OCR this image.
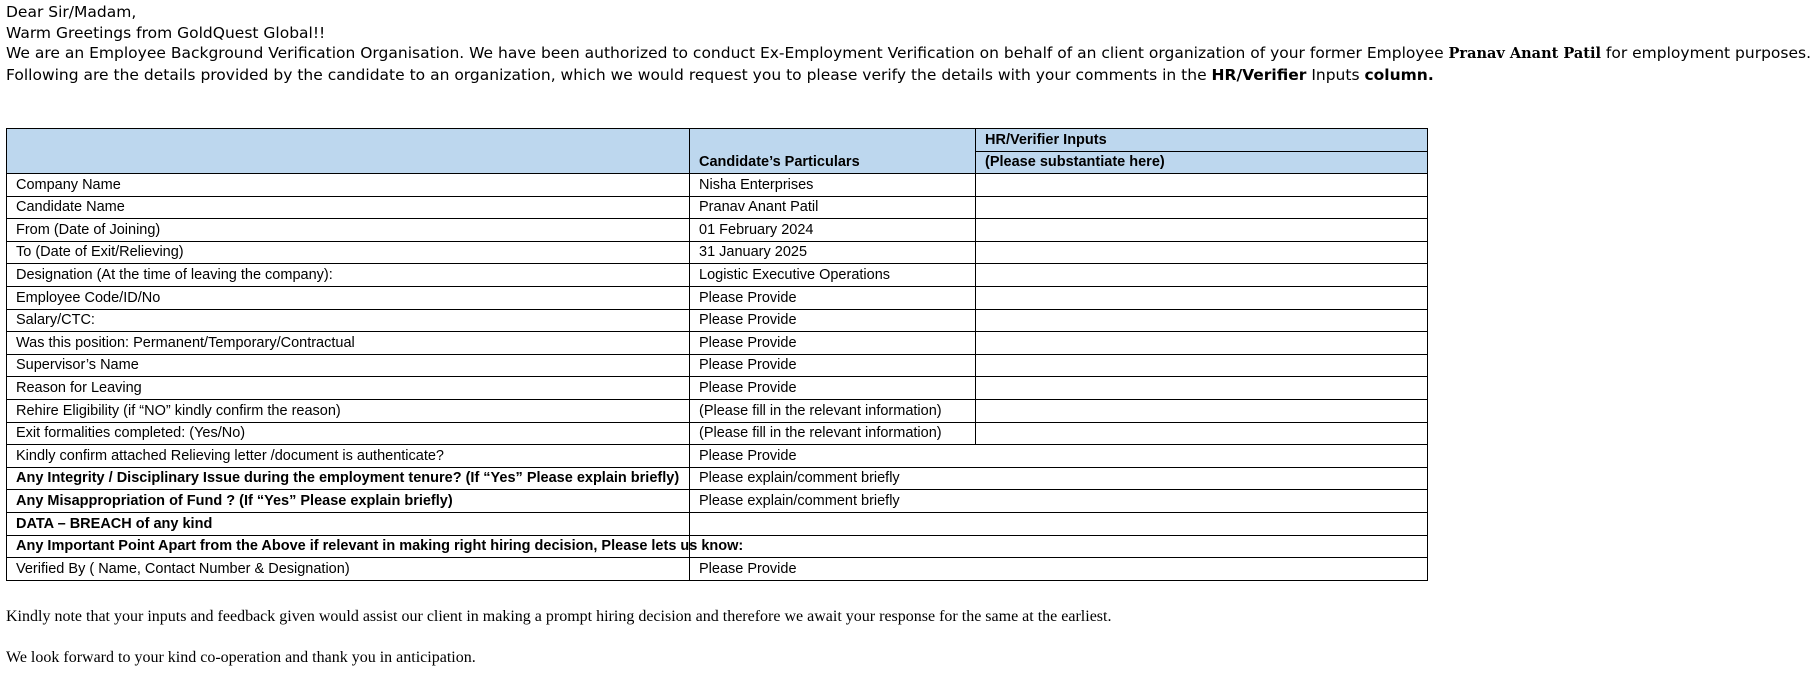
Dear Sir/Madam,

Warm Greetings from GoldQuest Global!!

We are an Employee Background Verification Organisation. We have been authorized to conduct Ex-Employment Verification on behalf of an client organization of your former Employee Pranav Anant Patil for employment purposes.

Following are the details provided by the candidate to an organization, which we would request you to please verify the details with your comments in the HR/Verifier Inputs column.

	Candidate’s Particulars	HR/Verifier Inputs
		(Please substantiate here)
Company Name	Nisha Enterprises	
Candidate Name	Pranav Anant Patil	
From (Date of Joining)	01 February 2024	
To (Date of Exit/Relieving)	31 January 2025	
Designation (At the time of leaving the company):	Logistic Executive Operations	
Employee Code/ID/No	Please Provide	
Salary/CTC:	Please Provide	
Was this position: Permanent/Temporary/Contractual	Please Provide	
Supervisor’s Name	Please Provide	
Reason for Leaving	Please Provide	
Rehire Eligibility (if “NO” kindly confirm the reason)	(Please fill in the relevant information)	
Exit formalities completed: (Yes/No)	(Please fill in the relevant information)	
Kindly confirm attached Relieving letter /document is authenticate?	Please Provide	
Any Integrity / Disciplinary Issue during the employment tenure? (If “Yes” Please explain briefly)	Please explain/comment briefly	
Any Misappropriation of Fund ? (If “Yes” Please explain briefly)	Please explain/comment briefly	
DATA – BREACH of any kind		
Any Important Point Apart from the Above if relevant in making right hiring decision, Please lets us know:		
Verified By ( Name, Contact Number & Designation)	Please Provide	

Kindly note that your inputs and feedback given would assist our client in making a prompt hiring decision and therefore we await your response for the same at the earliest.

We look forward to your kind co-operation and thank you in anticipation.
